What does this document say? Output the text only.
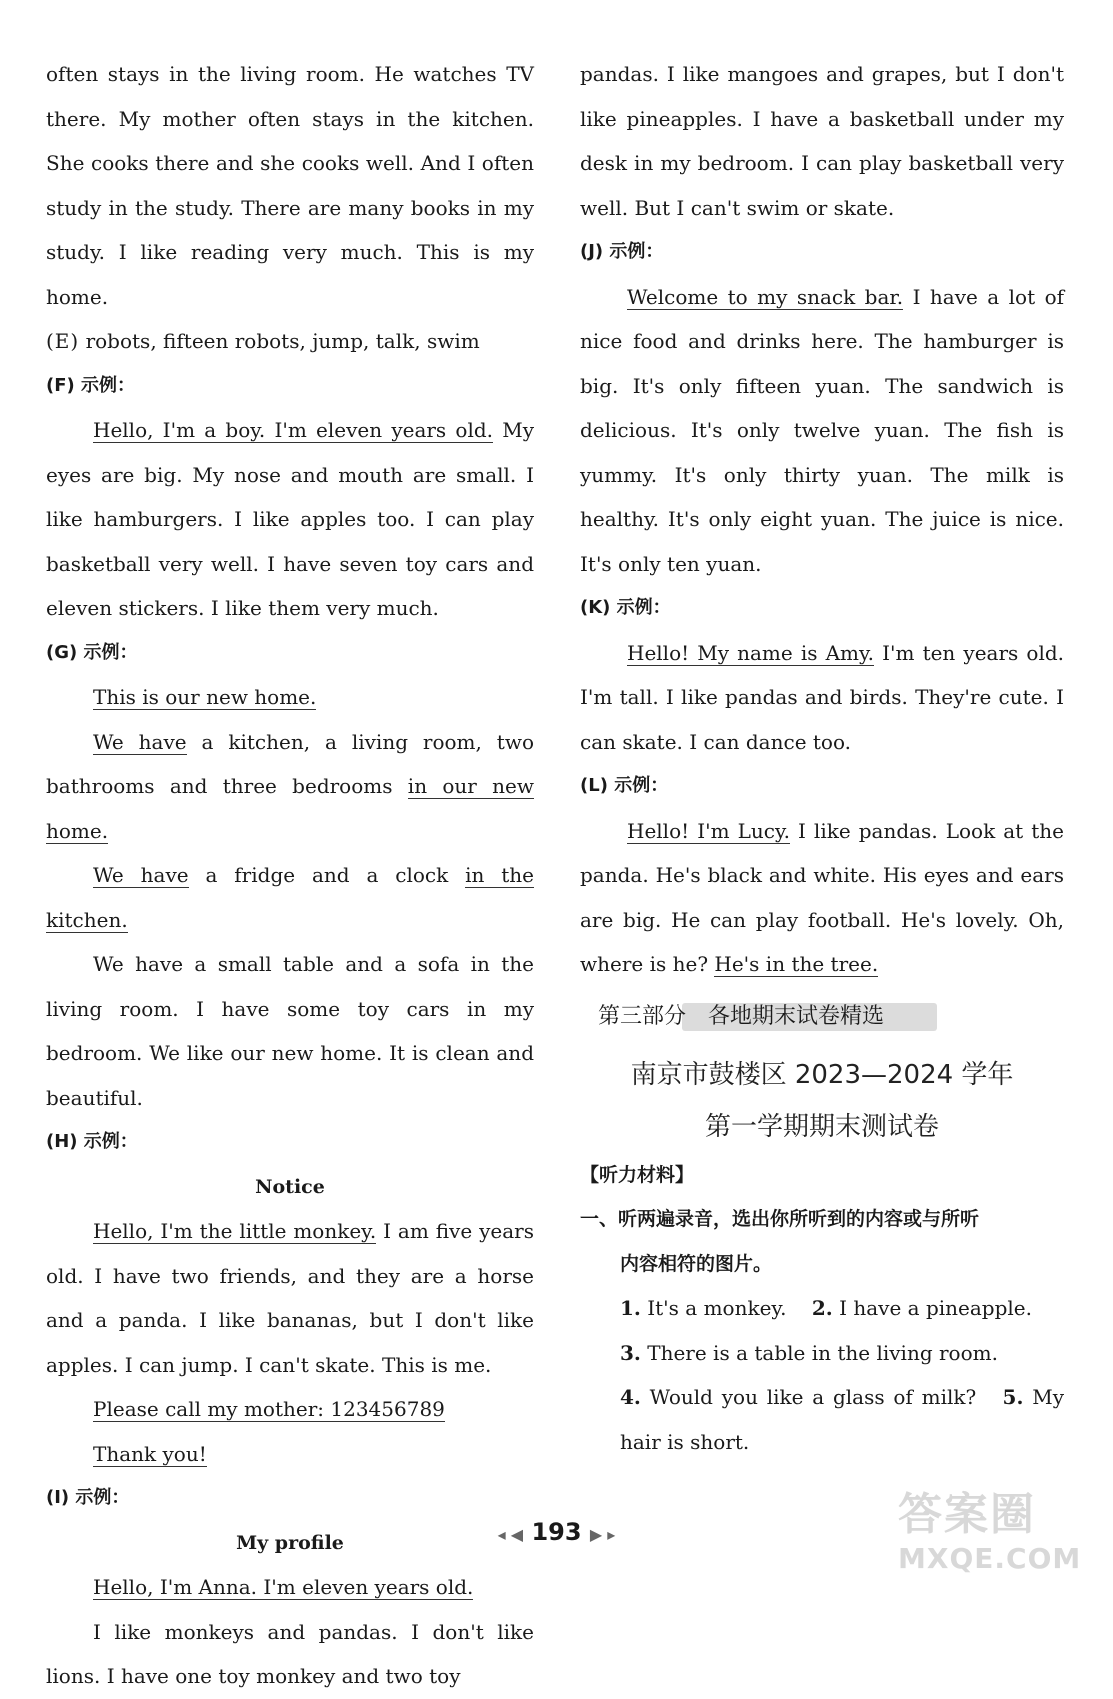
often stays in the living room. He watches TV there. My mother often stays in the kitchen. She cooks there and she cooks well. And I often study in the study. There are many books in my study. I like reading very much. This is my home.

(E) robots, fifteen robots, jump, talk, swim

(F) 示例：

Hello, I'm a boy. I'm eleven years old. My eyes are big. My nose and mouth are small. I like hamburgers. I like apples too. I can play basketball very well. I have seven toy cars and eleven stickers. I like them very much.

(G) 示例：

This is our new home.

We have a kitchen, a living room, two bathrooms and three bedrooms in our new home.

We have a fridge and a clock in the kitchen.

We have a small table and a sofa in the living room. I have some toy cars in my bedroom. We like our new home. It is clean and beautiful.

(H) 示例：

Notice

Hello, I'm the little monkey. I am five years old. I have two friends, and they are a horse and a panda. I like bananas, but I don't like apples. I can jump. I can't skate. This is me.

Please call my mother: 123456789

Thank you!

(I) 示例：

My profile

Hello, I'm Anna. I'm eleven years old.

I like monkeys and pandas. I don't like lions. I have one toy monkey and two toy

pandas. I like mangoes and grapes, but I don't like pineapples. I have a basketball under my desk in my bedroom. I can play basketball very well. But I can't swim or skate.

(J) 示例：

Welcome to my snack bar. I have a lot of nice food and drinks here. The hamburger is big. It's only fifteen yuan. The sandwich is delicious. It's only twelve yuan. The fish is yummy. It's only thirty yuan. The milk is healthy. It's only eight yuan. The juice is nice. It's only ten yuan.

(K) 示例：

Hello! My name is Amy. I'm ten years old. I'm tall. I like pandas and birds. They're cute. I can skate. I can dance too.

(L) 示例：

Hello! I'm Lucy. I like pandas. Look at the panda. He's black and white. His eyes and ears are big. He can play football. He's lovely. Oh, where is he? He's in the tree.

第三部分　各地期末试卷精选
南京市鼓楼区 2023—2024 学年
第一学期期末测试卷

【听力材料】

一、听两遍录音，选出你所听到的内容或与所听
内容相符的图片。

1. It's a monkey. 2. I have a pineapple.

3. There is a table in the living room.

4. Would you like a glass of milk? 5. My hair is short.

◂ ◀ 193 ▶ ▸	答案圈
MXQE.COM
